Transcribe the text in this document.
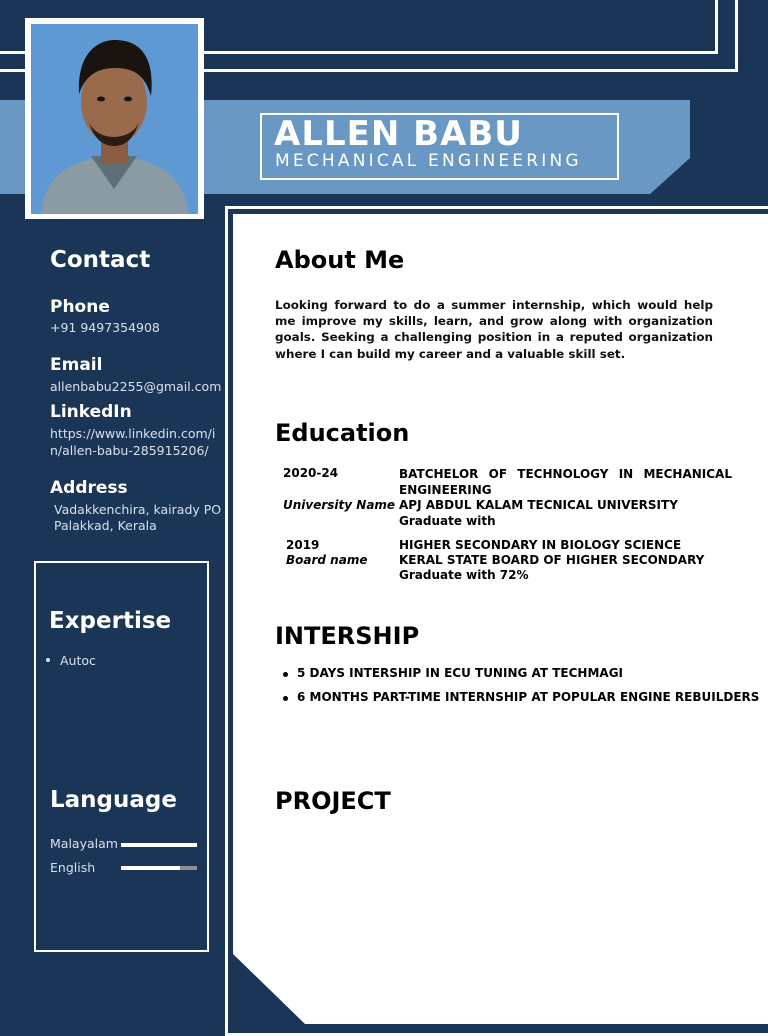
ALLEN BABU
MECHANICAL ENGINEERING
Contact
Phone
+91 9497354908
Email
allenbabu2255@gmail.com
LinkedIn
https://www.linkedin.com/i
n/allen-babu-285915206/
Address
Vadakkenchira, kairady PO
Palakkad, Kerala
Expertise
Autoc
Language
Malayalam
English
About Me
Looking forward to do a summer internship, which would help me improve my skills, learn, and grow along with organization goals. Seeking a challenging position in a reputed organization where I can build my career and a valuable skill set.
Education
2020-24	BATCHELOR OF TECHNOLOGY IN MECHANICAL ENGINEERING
University Name APJ ABDUL KALAM TECNICAL UNIVERSITY
Graduate with
2019	HIGHER SECONDARY IN BIOLOGY SCIENCE
Board name	KERAL STATE BOARD OF HIGHER SECONDARY
Graduate with 72%
INTERSHIP
5 DAYS INTERSHIP IN ECU TUNING AT TECHMAGI
6 MONTHS PART-TIME INTERNSHIP AT POPULAR ENGINE REBUILDERS
PROJECT
